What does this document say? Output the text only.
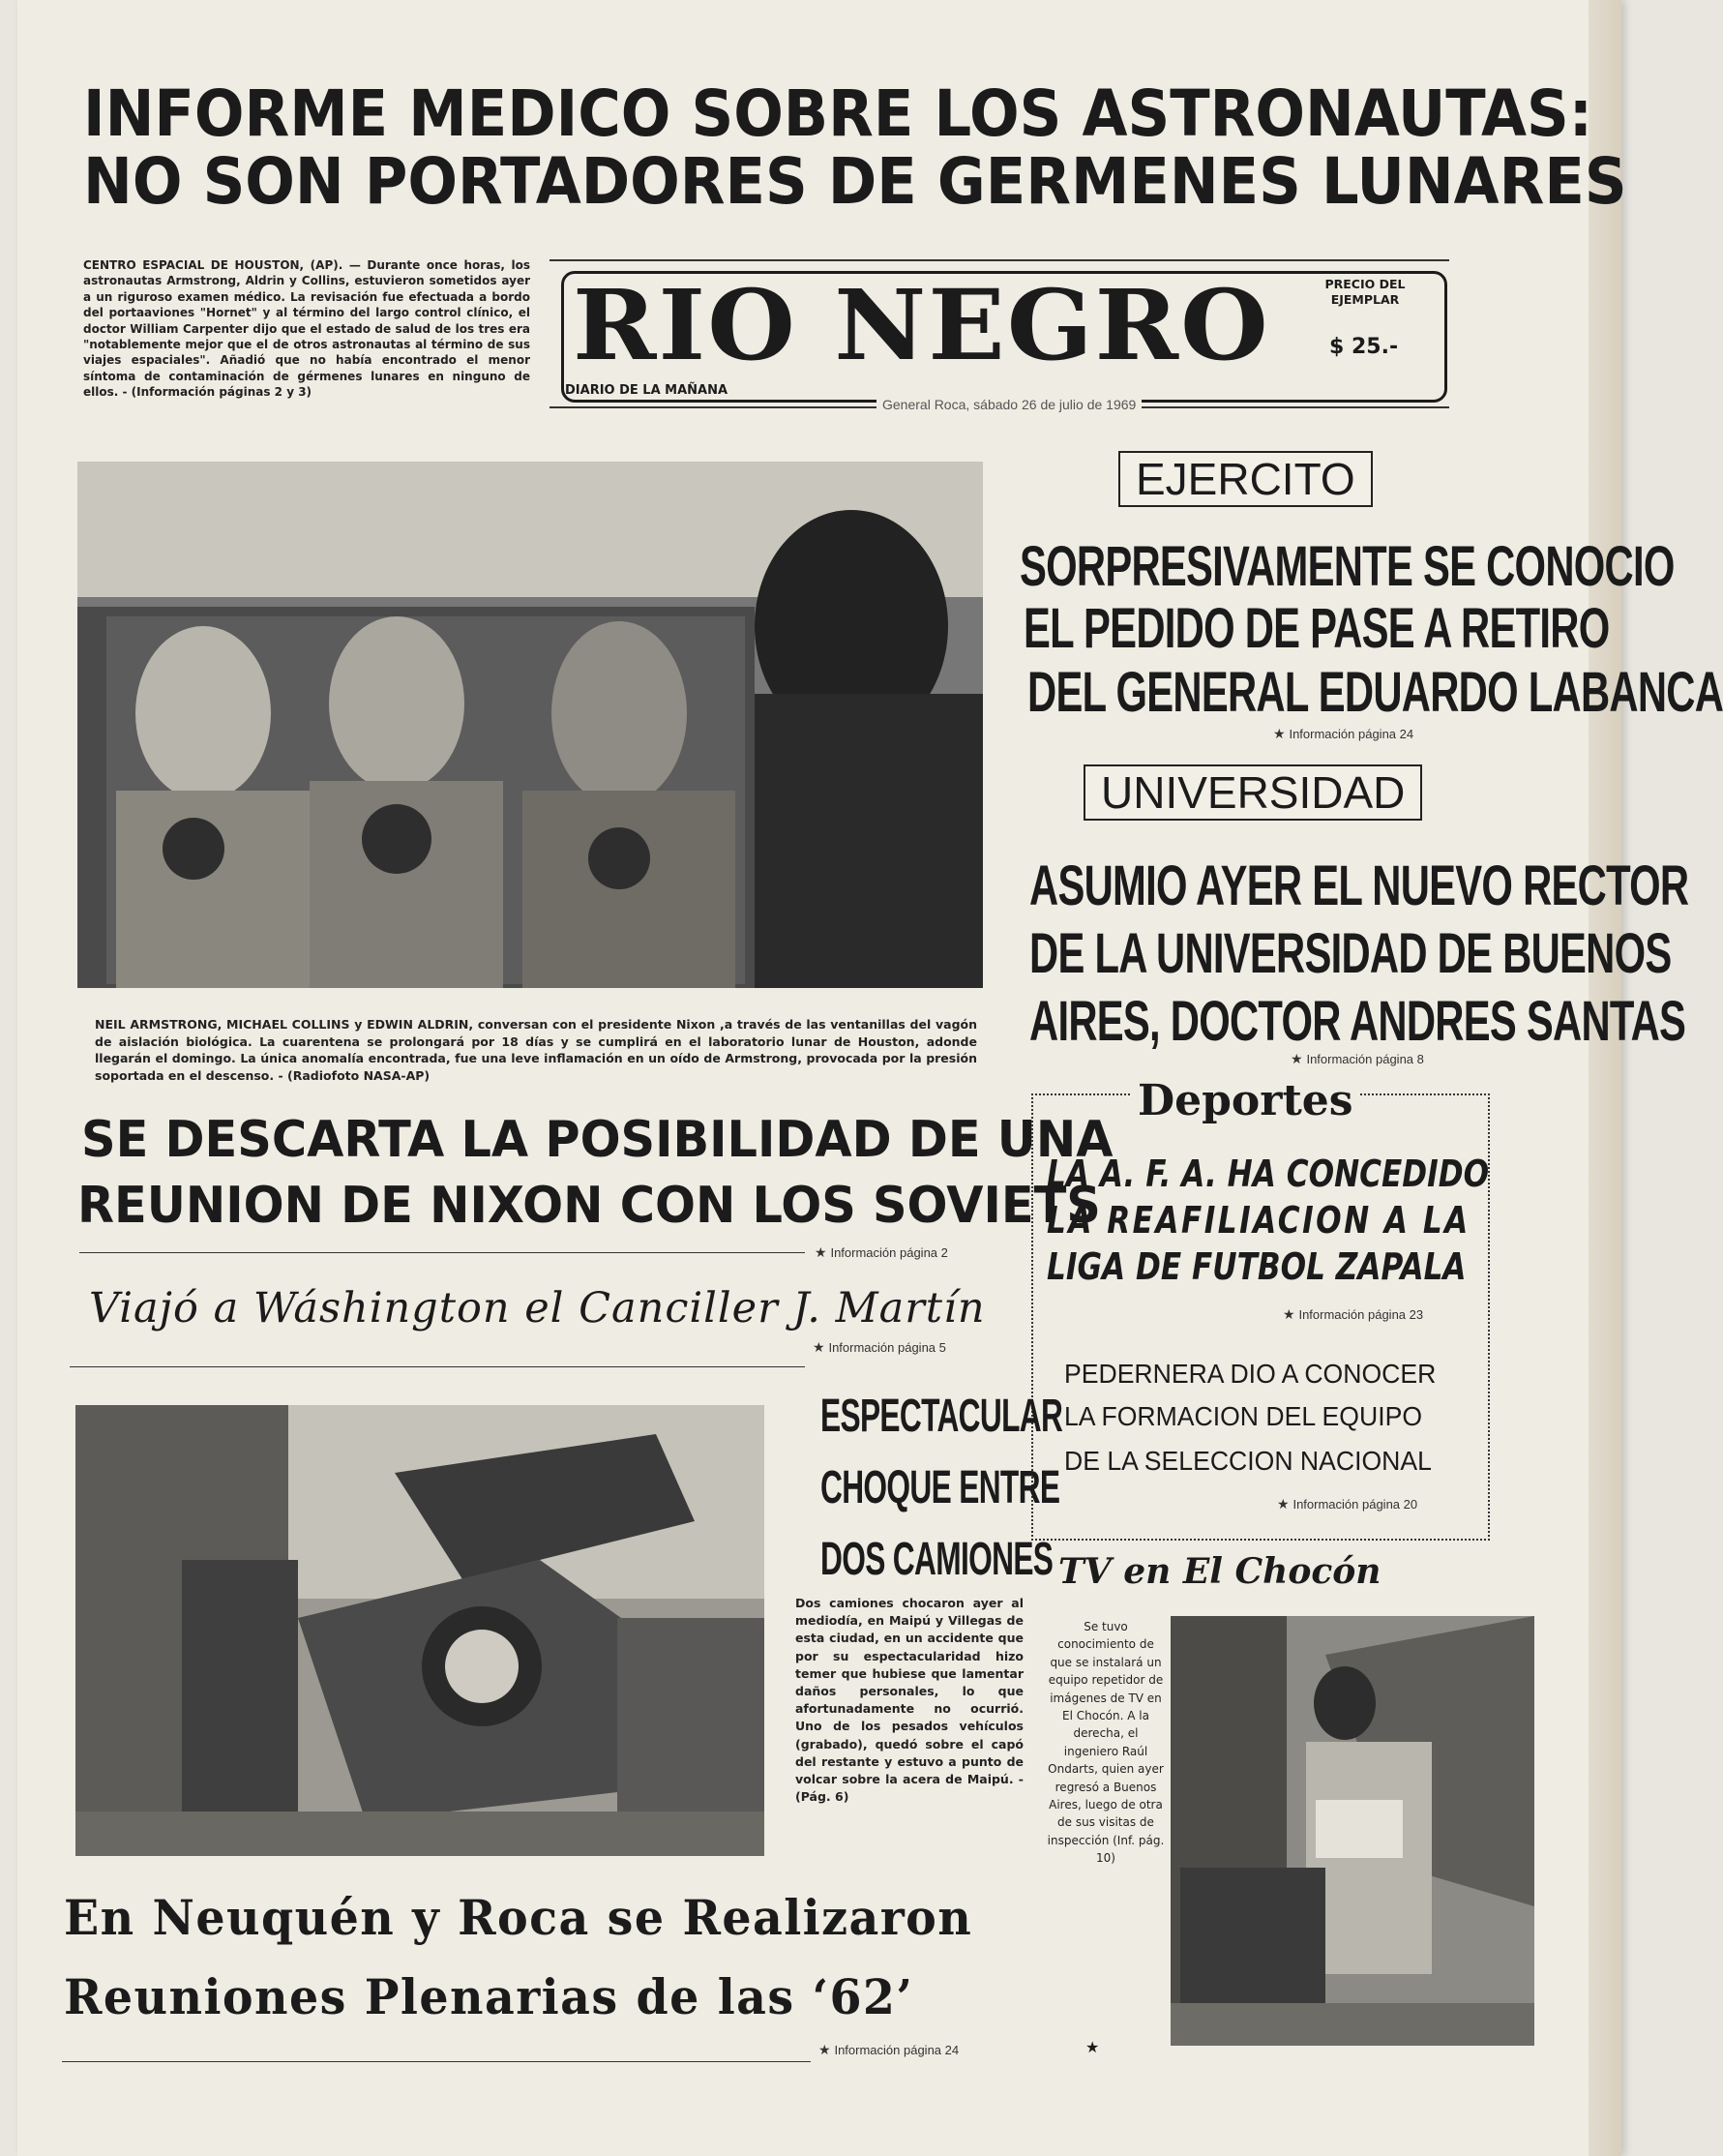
INFORME MEDICO SOBRE LOS ASTRONAUTAS:
NO SON PORTADORES DE GERMENES LUNARES
CENTRO ESPACIAL DE HOUSTON, (AP). — Durante once horas, los astronautas Armstrong, Aldrin y Collins, estuvieron sometidos ayer a un riguroso examen médico. La revisación fue efectuada a bordo del portaaviones "Hornet" y al término del largo control clínico, el doctor William Carpenter dijo que el estado de salud de los tres era "notablemente mejor que el de otros astronautas al término de sus viajes espaciales". Añadió que no había encontrado el menor síntoma de contaminación de gérmenes lunares en ninguno de ellos. - (Información páginas 2 y 3)
RIO NEGRO
DIARIO DE LA MAÑANA
PRECIO DEL EJEMPLAR
$ 25.-
General Roca, sábado 26 de julio de 1969
NEIL ARMSTRONG, MICHAEL COLLINS y EDWIN ALDRIN, conversan con el presidente Nixon ,a través de las ventanillas del vagón de aislación biológica. La cuarentena se prolongará por 18 días y se cumplirá en el laboratorio lunar de Houston, adonde llegarán el domingo. La única anomalía encontrada, fue una leve inflamación en un oído de Armstrong, provocada por la presión soportada en el descenso. - (Radiofoto NASA-AP)
EJERCITO
SORPRESIVAMENTE SE CONOCIO
EL PEDIDO DE PASE A RETIRO
DEL GENERAL EDUARDO LABANCA
★ Información página 24
UNIVERSIDAD
ASUMIO AYER EL NUEVO RECTOR
DE LA UNIVERSIDAD DE BUENOS
AIRES, DOCTOR ANDRES SANTAS
★ Información página 8
SE DESCARTA LA POSIBILIDAD DE UNA
REUNION DE NIXON CON LOS SOVIETS
★ Información página 2
Viajó a Wáshington el Canciller J. Martín
★ Información página 5
Deportes
LA A. F. A. HA CONCEDIDO
LA REAFILIACION A LA
LIGA DE FUTBOL ZAPALA
★ Información página 23
PEDERNERA DIO A CONOCER
LA FORMACION DEL EQUIPO
DE LA SELECCION NACIONAL
★ Información página 20
ESPECTACULAR
CHOQUE ENTRE
DOS CAMIONES
Dos camiones chocaron ayer al mediodía, en Maipú y Villegas de esta ciudad, en un accidente que por su espectacularidad hizo temer que hubiese que lamentar daños personales, lo que afortunadamente no ocurrió. Uno de los pesados vehículos (grabado), quedó sobre el capó del restante y estuvo a punto de volcar sobre la acera de Maipú. - (Pág. 6)
TV en El Chocón
Se tuvo conocimiento de que se instalará un equipo repetidor de imágenes de TV en El Chocón. A la derecha, el ingeniero Raúl Ondarts, quien ayer regresó a Buenos Aires, luego de otra de sus visitas de inspección (Inf. pág. 10)
★
En Neuquén y Roca se Realizaron
Reuniones Plenarias de las ‘62’
★ Información página 24
